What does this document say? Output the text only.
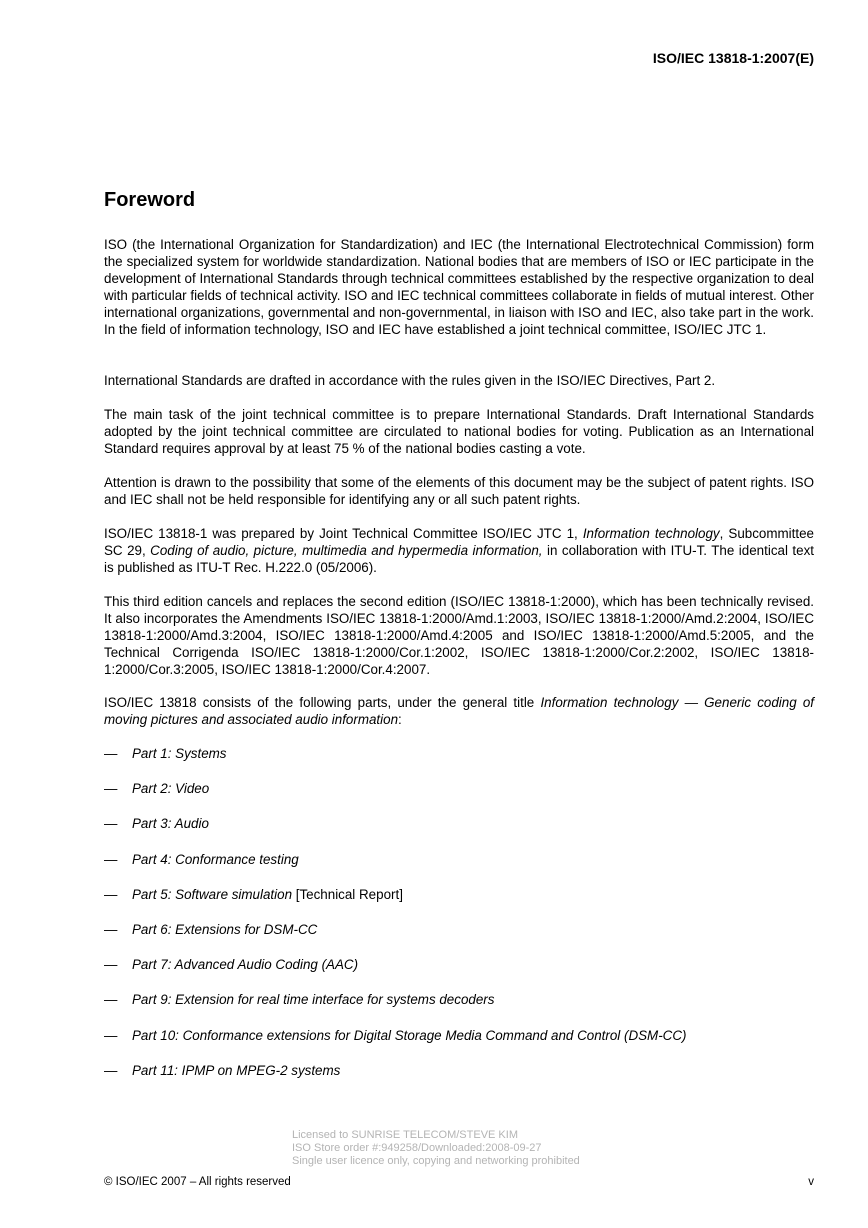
ISO/IEC 13818-1:2007(E)
Foreword

ISO (the International Organization for Standardization) and IEC (the International Electrotechnical Commission) form the specialized system for worldwide standardization. National bodies that are members of ISO or IEC participate in the development of International Standards through technical committees established by the respective organization to deal with particular fields of technical activity. ISO and IEC technical committees collaborate in fields of mutual interest. Other international organizations, governmental and non-governmental, in liaison with ISO and IEC, also take part in the work. In the field of information technology, ISO and IEC have established a joint technical committee, ISO/IEC JTC 1.

International Standards are drafted in accordance with the rules given in the ISO/IEC Directives, Part 2.

The main task of the joint technical committee is to prepare International Standards. Draft International Standards adopted by the joint technical committee are circulated to national bodies for voting. Publication as an International Standard requires approval by at least 75 % of the national bodies casting a vote.

Attention is drawn to the possibility that some of the elements of this document may be the subject of patent rights. ISO and IEC shall not be held responsible for identifying any or all such patent rights.

ISO/IEC 13818-1 was prepared by Joint Technical Committee ISO/IEC JTC 1, Information technology, Subcommittee SC 29, Coding of audio, picture, multimedia and hypermedia information, in collaboration with ITU-T. The identical text is published as ITU-T Rec. H.222.0 (05/2006).

This third edition cancels and replaces the second edition (ISO/IEC 13818-1:2000), which has been technically revised. It also incorporates the Amendments ISO/IEC 13818-1:2000/Amd.1:2003, ISO/IEC 13818-1:2000/Amd.2:2004, ISO/IEC 13818-1:2000/Amd.3:2004, ISO/IEC 13818-1:2000/Amd.4:2005 and ISO/IEC 13818-1:2000/Amd.5:2005, and the Technical Corrigenda ISO/IEC 13818-1:2000/Cor.1:2002, ISO/IEC 13818-1:2000/Cor.2:2002, ISO/IEC 13818-1:2000/Cor.3:2005, ISO/IEC 13818-1:2000/Cor.4:2007.

ISO/IEC 13818 consists of the following parts, under the general title Information technology — Generic coding of moving pictures and associated audio information:

— Part 1: Systems
— Part 2: Video
— Part 3: Audio
— Part 4: Conformance testing
— Part 5: Software simulation [Technical Report]
— Part 6: Extensions for DSM-CC
— Part 7: Advanced Audio Coding (AAC)
— Part 9: Extension for real time interface for systems decoders
— Part 10: Conformance extensions for Digital Storage Media Command and Control (DSM-CC)
— Part 11: IPMP on MPEG-2 systems
Licensed to SUNRISE TELECOM/STEVE KIM
ISO Store order #:949258/Downloaded:2008-09-27
Single user licence only, copying and networking prohibited
© ISO/IEC 2007 – All rights reserved	v
